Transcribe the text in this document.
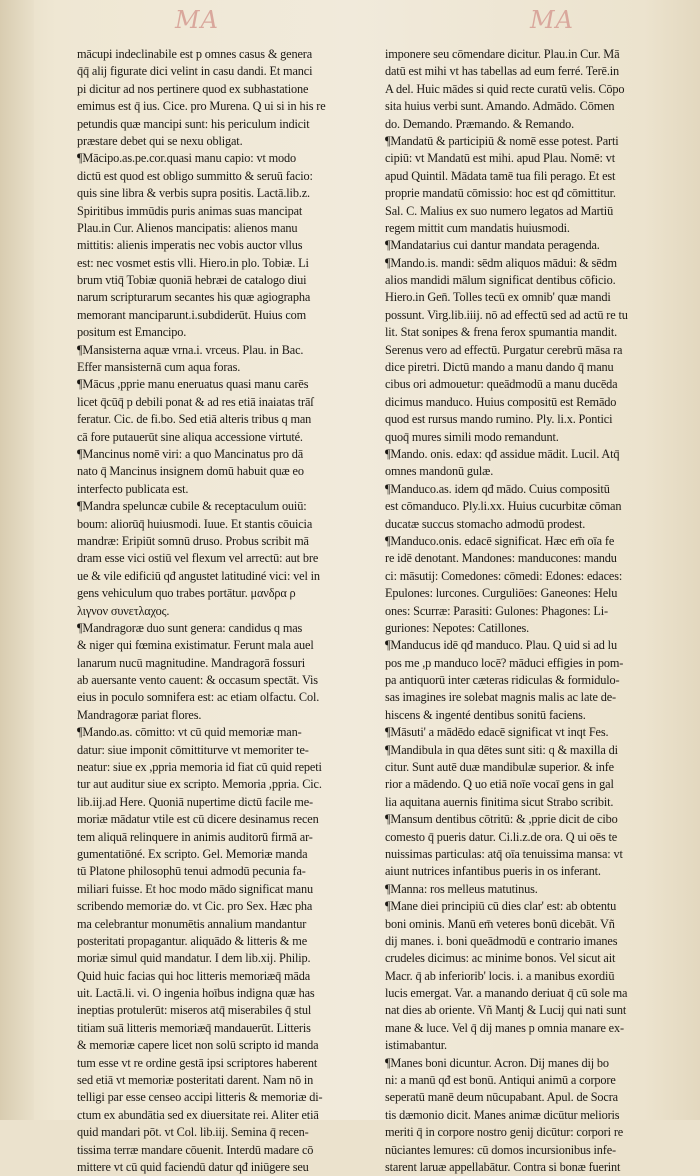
MA	MA
mācupi indeclinabile est p omnes casus & genera
q̄q̄ alij figurate dici velint in casu dandi. Et manci
pi dicitur ad nos pertinere quod ex subhastatione
emimus est q̄ ius. Cice. pro Murena. Q ui si in his re
petundis quæ mancipi sunt: his periculum indicit
præstare debet qui se nexu obligat.
¶Mācipo.as.pe.cor.quasi manu capio: vt modo
dictū est quod est obligo summitto & seruū facio:
quis sine libra & verbis supra positis. Lactā.lib.z.
Spiritibus immūdis puris animas suas mancipat
Plau.in Cur. Alienos mancipatis: alienos manu
mittitis: alienis imperatis nec vobis auctor vllus
est: nec vosmet estis vlli. Hiero.in plo. Tobiæ. Li
brum vtiq̄ Tobiæ quoniā hebræi de catalogo diui
narum scripturarum secantes his quæ agiographa
memorant manciparunt.i.subdiderūt. Huius com
positum est Emancipo.
¶Mansisterna aquæ vrna.i. vrceus. Plau. in Bac.
Effer mansisternā cum aqua foras.
¶Mācus ,pprie manu eneruatus quasi manu carēs
licet q̄cūq̄ p debili ponat & ad res etiā inaiatas trāſ
feratur. Cic. de fi.bo. Sed etiā alteris tribus q man
cā fore putauerūt sine aliqua accessione virtuté.
¶Mancinus nomē viri: a quo Mancinatus pro dā
nato q̄ Mancinus insignem domū habuit quæ eo
interfecto publicata est.
¶Mandra speluncæ cubile & receptaculum ouiū:
boum: aliorūq̄ huiusmodi. Iuue. Et stantis cōuicia
mandræ: Eripiūt somnū druso. Probus scribit mā
dram esse vici ostiū vel flexum vel arrectū: aut bre
ue & vile edificiū qđ angustet latitudiné vici: vel in
gens vehiculum quo trabes portātur. μανδρα ρ
λιγνον συνετλαχος.
¶Mandragoræ duo sunt genera: candidus q mas
& niger qui fœmina existimatur. Ferunt mala auel
lanarum nucū magnitudine. Mandragorā fossuri
ab auersante vento cauent: & occasum spectāt. Vis
eius in poculo somnifera est: ac etiam olfactu. Col.
Mandragoræ pariat flores.
¶Mando.as. cōmitto: vt cū quid memoriæ man-
datur: siue imponit cōmittiturve vt memoriter te-
neatur: siue ex ,ppria memoria id fiat cū quid repeti
tur aut auditur siue ex scripto. Memoria ,ppria. Cic.
lib.iij.ad Here. Quoniā nupertime dictū facile me-
moriæ mādatur vtile est cū dicere desinamus recen
tem aliquā relinquere in animis auditorū firmā ar-
gumentatiōné. Ex scripto. Gel. Memoriæ manda
tū Platone philosophū tenui admodū pecunia fa-
miliari fuisse. Et hoc modo mādo significat manu
scribendo memoriæ do. vt Cic. pro Sex. Hæc pha
ma celebrantur monumētis annalium mandantur
posteritati propagantur. aliquādo & litteris & me
moriæ simul quid mandatur. I dem lib.xij. Philip.
Quid huic facias qui hoc litteris memoriæq̄ māda
uit. Lactā.li. vi. O ingenia hoībus indigna quæ has
ineptias protulerūt: miseros atq̄ miserabiles q̄ stul
titiam suā litteris memoriæq̄ mandauerūt. Litteris
& memoriæ capere licet non solū scripto id manda
tum esse vt re ordine gestā ipsi scriptores haberent
sed etiā vt memoriæ posteritati darent. Nam nō in
telligi par esse censeo accipi litteris & memoriæ di-
ctum ex abundātia sed ex diuersitate rei. Aliter etiā
quid mandari pōt. vt Col. lib.iij. Semina q̄ recen-
tissima terræ mandare cōuenit. Interdū madare cō
mittere vt cū quid faciendū datur qđ iniūgere seu
imponere seu cōmendare dicitur. Plau.in Cur. Mā
datū est mihi vt has tabellas ad eum ferré. Terē.in
A del. Huic mādes si quid recte curatū velis. Cōpo
sita huius verbi sunt. Amando. Admādo. Cōmen
do. Demando. Præmando. & Remando.
¶Mandatū & participiū & nomē esse potest. Parti
cipiū: vt Mandatū est mihi. apud Plau. Nomē: vt
apud Quintil. Mādata tamē tua fili perago. Et est
proprie mandatū cōmissio: hoc est qđ cōmittitur.
Sal. C. Malius ex suo numero legatos ad Martiū
regem mittit cum mandatis huiusmodi.
¶Mandatarius cui dantur mandata peragenda.
¶Mando.is. mandi: sēdm aliquos mādui: & sēdm
alios mandidi mālum significat dentibus cōficio.
Hiero.in Gen̄. Tolles tecū ex omnib' quæ mandi
possunt. Virg.lib.iiij. nō ad effectū sed ad actū re tu
lit. Stat sonipes & frena ferox spumantia mandit.
Serenus vero ad effectū. Purgatur cerebrū māsa ra
dice piretri. Dictū mando a manu dando q̄ manu
cibus ori admouetur: queādmodū a manu ducēda
dicimus manduco. Huius compositū est Remādo
quod est rursus mando rumino. Ply. li.x. Pontici
quoq̄ mures simili modo remandunt.
¶Mando. onis. edax: qđ assidue mādit. Lucil. Atq̄
omnes mandonū gulæ.
¶Manduco.as. idem qđ mādo. Cuius compositū
est cōmanduco. Ply.li.xx. Huius cucurbitæ cōman
ducatæ succus stomacho admodū prodest.
¶Manduco.onis. edacē significat. Hæc em̄ oīa fe
re idē denotant. Mandones: manducones: mandu
ci: māsutij: Comedones: cōmedi: Edones: edaces:
Epulones: lurcones. Curguliōes: Ganeones: Helu
ones: Scurræ: Parasiti: Gulones: Phagones: Li-
guriones: Nepotes: Catillones.
¶Manducus idē qđ manduco. Plau. Q uid si ad lu
pos me ,p manduco locē? māduci effigies in pom-
pa antiquorū inter cæteras ridiculas & formidulo-
sas imagines ire solebat magnis malis ac late de-
hiscens & ingenté dentibus sonitū faciens.
¶Māsuti' a mādēdo edacē significat vt inqt Fes.
¶Mandibula in qua dētes sunt siti: q & maxilla di
citur. Sunt autē duæ mandibulæ superior. & infe
rior a mādendo. Q uo etiā noīe vocaī gens in gal
lia aquitana auernis finitima sicut Strabo scribit.
¶Mansum dentibus cōtritū: & ,pprie dicit de cibo
comesto q̄ pueris datur. Ci.li.z.de ora. Q ui oēs te
nuissimas particulas: atq̄ oīa tenuissima mansa: vt
aiunt nutrices infantibus pueris in os inferant.
¶Manna: ros melleus matutinus.
¶Mane diei principiū cū dies clar' est: ab obtentu
boni ominis. Manū em̄ veteres bonū dicebāt. Vñ
dij manes. i. boni queādmodū e contrario imanes
crudeles dicimus: ac minime bonos. Vel sicut ait
Macr. q̄ ab inferiorib' locis. i. a manibus exordiū
lucis emergat. Var. a manando deriuat q̄ cū sole ma
nat dies ab oriente. Vñ Mantj & Lucij qui nati sunt
mane & luce. Vel q̄ dij manes p omnia manare ex-
istimabantur.
¶Manes boni dicuntur. Acron. Dij manes dij bo
ni: a manū qđ est bonū. Antiqui animū a corpore
seperatū manē deum nūcupabant. Apul. de Socra
tis dæmonio dicit. Manes animæ dicūtur melioris
meriti q̄ in corpore nostro genij dicūtur: corpori re
nūciantes lemures: cū domos incursionibus infe-
starent laruæ appellabātur. Contra si bonæ fuerint
